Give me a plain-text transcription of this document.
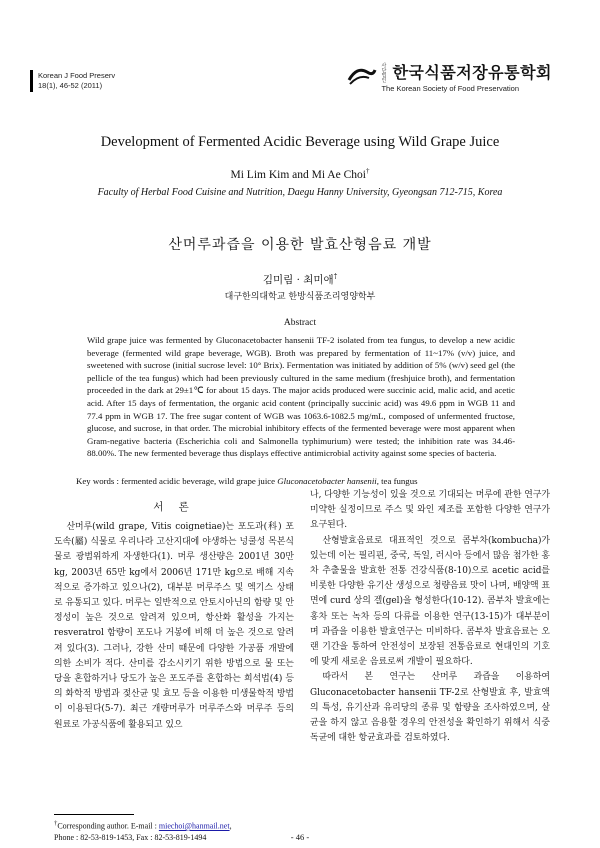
Korean J Food Preserv
18(1), 46-52 (2011)
사단 법인 한국식품저장유통학회
The Korean Society of Food Preservation
Development of Fermented Acidic Beverage using Wild Grape Juice
Mi Lim Kim and Mi Ae Choi†
Faculty of Herbal Food Cuisine and Nutrition, Daegu Hanny University, Gyeongsan 712-715, Korea
산머루과즙을 이용한 발효산형음료 개발
김미림 · 최미애†
대구한의대학교 한방식품조리영양학부
Abstract
Wild grape juice was fermented by Gluconacetobacter hansenii TF-2 isolated from tea fungus, to develop a new acidic beverage (fermented wild grape beverage, WGB). Broth was prepared by fermentation of 11~17% (v/v) juice, and sweetened with sucrose (initial sucrose level: 10° Brix). Fermentation was initiated by addition of 5% (w/v) seed gel (the pellicle of the tea fungus) which had been previously cultured in the same medium (freshjuice broth), and fermentation proceeded in the dark at 29±1℃ for about 15 days. The major acids produced were succinic acid, malic acid, and acetic acid. After 15 days of fermentation, the organic acid content (principally succinic acid) was 49.6 ppm in WGB 11 and 77.4 ppm in WGB 17. The free sugar content of WGB was 1063.6-1082.5 mg/mL, composed of unfermented fructose, glucose, and sucrose, in that order. The microbial inhibitory effects of the fermented beverage were most apparent when Gram-negative bacteria (Escherichia coli and Salmonella typhimurium) were tested; the inhibition rate was 34.46-88.00%. The new fermented beverage thus displays effective antimicrobial activity against some species of bacteria.
Key words : fermented acidic beverage, wild grape juice Gluconacetobacter hansenii, tea fungus
서 론

산머루(wild grape, Vitis coignetiae)는 포도과(科) 포도속(屬) 식물로 우리나라 고산지대에 야생하는 넝쿨성 목본식물로 광범위하게 자생한다(1). 머루 생산량은 2001년 30만 kg, 2003년 65만 kg에서 2006년 171만 kg으로 배해 지속적으로 증가하고 있으나(2), 대부분 머루주스 및 엑기스 상태로 유통되고 있다. 머루는 일반적으로 안토시아닌의 함량 및 안정성이 높은 것으로 알려져 있으며, 항산화 활성을 가지는 resveratrol 함량이 포도나 거봉에 비해 더 높은 것으로 알려져 있다(3). 그러나, 강한 산미 때문에 다양한 가공품 개발에 의한 소비가 적다. 산미를 감소시키기 위한 방법으로 물 또는 당을 혼합하거나 당도가 높은 포도주를 혼합하는 희석법(4) 등의 화학적 방법과 젖산균 및 효모 등을 이용한 미생물학적 방법이 이용된다(5-7). 최근 개량머루가 머루주스와 머루주 등의 원료로 가공식품에 활용되고 있으

나, 다양한 기능성이 있을 것으로 기대되는 머루에 관한 연구가 미약한 실정이므로 주스 및 와인 제조를 포함한 다양한 연구가 요구된다.

산형발효음료로 대표적인 것으로 콤부차(kombucha)가 있는데 이는 필리핀, 중국, 독일, 러시아 등에서 많음 첨가한 홍차 추출물을 발효한 전통 건강식품(8-10)으로 acetic acid를 비롯한 다양한 유기산 생성으로 청량음료 맛이 나며, 배양액 표면에 curd 상의 겔(gel)을 형성한다(10-12). 콤부차 발효에는 홍차 또는 녹차 등의 다류를 이용한 연구(13-15)가 대부분이며 과즙을 이용한 발효연구는 미비하다. 콤부차 발효음료는 오랜 기간을 통하여 안전성이 보장된 전통음료로 현대인의 기호에 맞게 새로운 음료로써 개발이 필요하다.

따라서 본 연구는 산머루 과즙을 이용하여 Gluconacetobacter hansenii TF-2로 산형발효 후, 발효액의 특성, 유기산과 유리당의 종류 및 함량을 조사하였으며, 살균을 하지 않고 음용할 경우의 안전성을 확인하기 위해서 식중독균에 대한 항균효과를 검토하였다.

†Corresponding author. E-mail : miechoi@hanmail.net,
Phone : 82-53-819-1453, Fax : 82-53-819-1494	- 46 -
